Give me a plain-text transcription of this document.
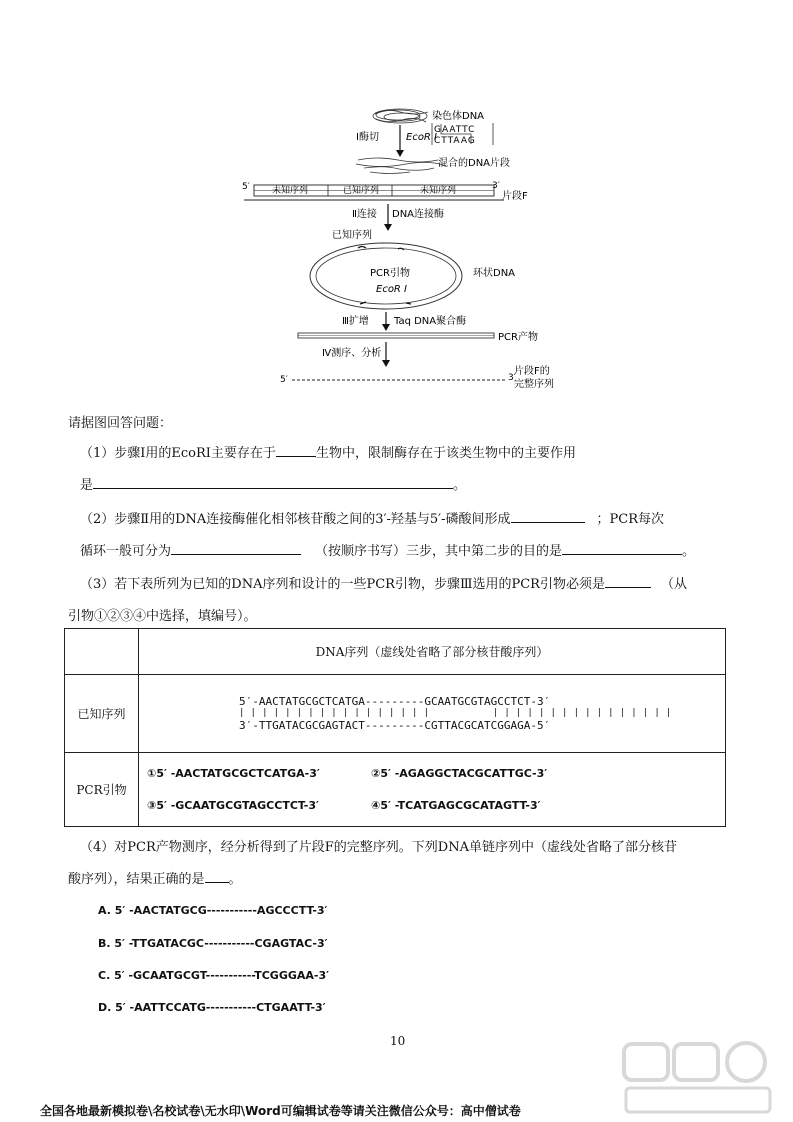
染色体DNA
GAATTC
CTTAAG
Ⅰ酶切	EcoR Ⅰ
混合的DNA片段
5′ 未知序列	已知序列	未知序列	3′
片段F
Ⅱ连接 DNA连接酶
已知序列
PCR引物
EcoR Ⅰ
环状DNA
Ⅲ扩增	Taq DNA聚合酶
PCR产物
Ⅳ测序、分析
5′	3′
片段F的
完整序列
请据图回答问题：
（1）步骤Ⅰ用的EcoRⅠ主要存在于	生物中，限制酶存在于该类生物中的主要作用
是	。
（2）步骤Ⅱ用的DNA连接酶催化相邻核苷酸之间的3′-羟基与5′-磷酸间形成	；PCR每次
循环一般可分为	（按顺序书写）三步，其中第二步的目的是	。
（3）若下表所列为已知的DNA序列和设计的一些PCR引物，步骤Ⅲ选用的PCR引物必须是	（从
引物①②③④中选择，填编号）。
	DNA序列（虚线处省略了部分核苷酸序列）
已知序列	5′-AACTATGCGCTCATGA---------GCAATGCGTAGCCTCT-3′
| | | | | | | | | | | | | | | | |           | | | | | | | | | | | | | | | |
3′-TTGATACGCGAGTACT---------CGTTACGCATCGGAGA-5′

PCR引物	①5′ -AACTATGCGCTCATGA-3′ ②5′ -AGAGGCTACGCATTGC-3′
③5′ -GCAATGCGTAGCCTCT-3′ ④5′ -TCATGAGCGCATAGTT-3′
（4）对PCR产物测序，经分析得到了片段F的完整序列。下列DNA单链序列中（虚线处省略了部分核苷
酸序列），结果正确的是 。
A. 5′ -AACTATGCG-----------AGCCCTT-3′
B. 5′ -TTGATACGC-----------CGAGTAC-3′
C. 5′ -GCAATGCGT-----------TCGGGAA-3′
D. 5′ -AATTCCATG-----------CTGAATT-3′
10
全国各地最新模拟卷\名校试卷\无水印\Word可编辑试卷等请关注微信公众号：高中僧试卷
